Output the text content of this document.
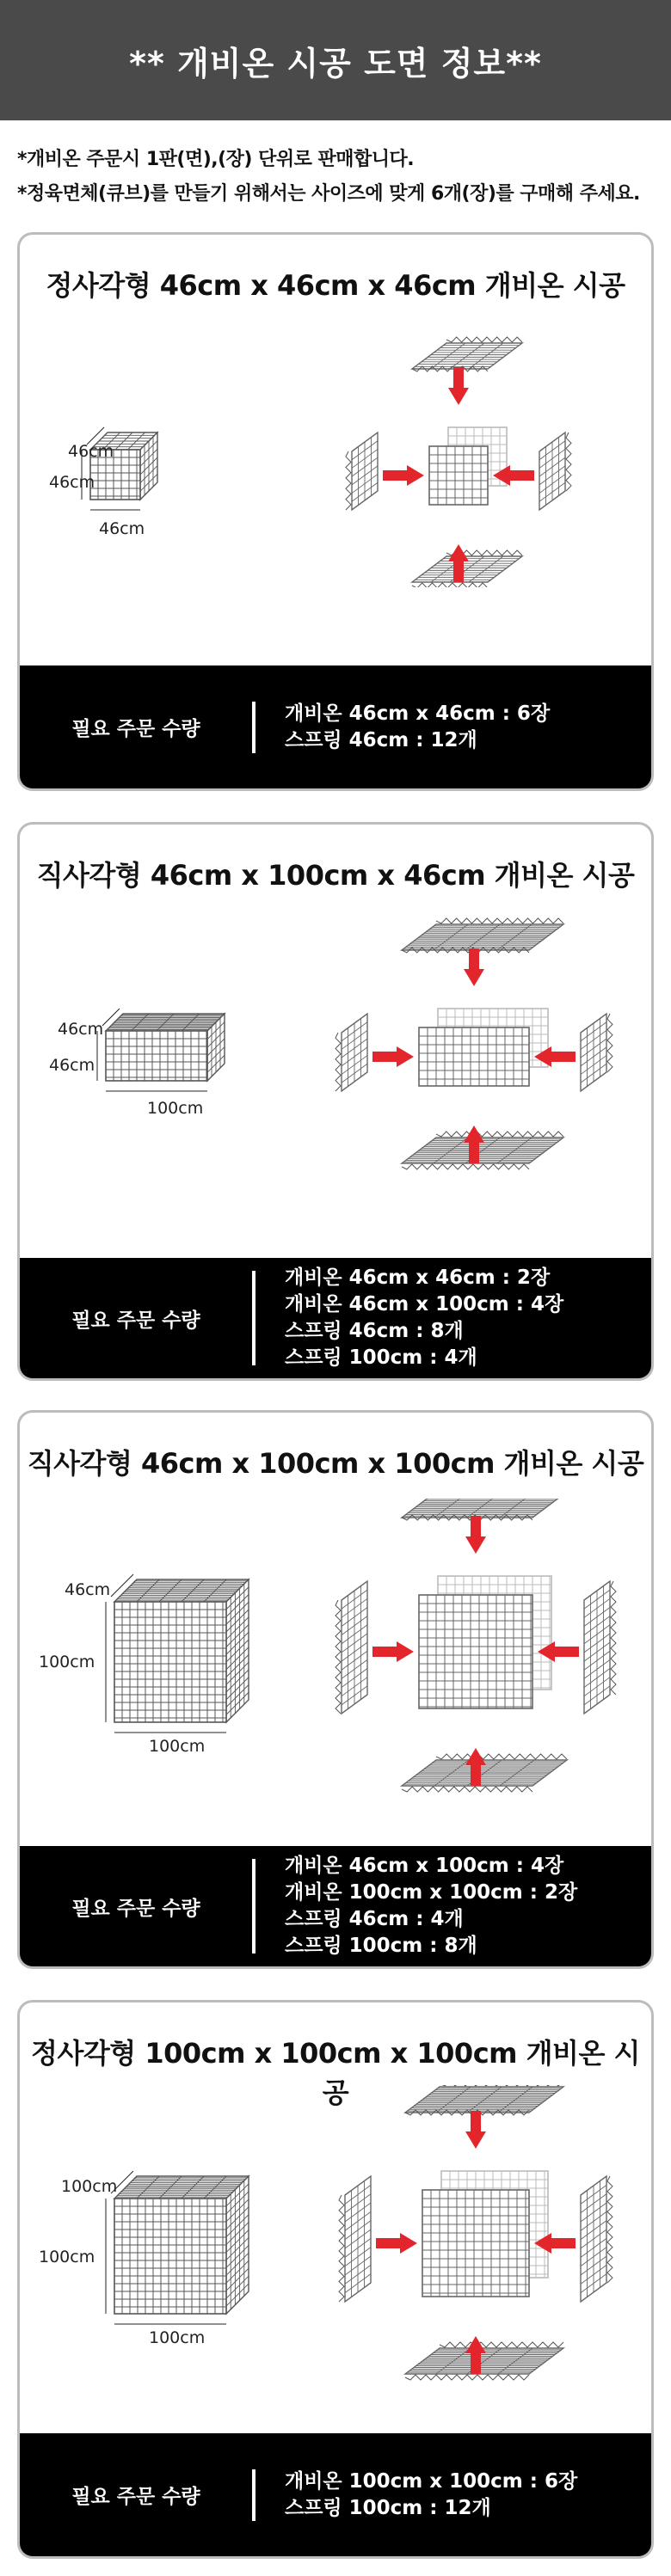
** 개비온 시공 도면 정보**

*개비온 주문시 1판(면),(장) 단위로 판매합니다.

*정육면체(큐브)를 만들기 위해서는 사이즈에 맞게 6개(장)를 구매해 주세요.

정사각형 46cm x 46cm x 46cm 개비온 시공
46cm
46cm
46cm
필요 주문 수량
개비온 46cm x 46cm : 6장
스프링 46cm : 12개
직사각형 46cm x 100cm x 46cm 개비온 시공
46cm
46cm
100cm
필요 주문 수량
개비온 46cm x 46cm : 2장
개비온 46cm x 100cm : 4장
스프링 46cm : 8개
스프링 100cm : 4개
직사각형 46cm x 100cm x 100cm 개비온 시공
46cm
100cm
100cm
필요 주문 수량
개비온 46cm x 100cm : 4장
개비온 100cm x 100cm : 2장
스프링 46cm : 4개
스프링 100cm : 8개
정사각형 100cm x 100cm x 100cm 개비온 시공
100cm
100cm
100cm
필요 주문 수량
개비온 100cm x 100cm : 6장
스프링 100cm : 12개
